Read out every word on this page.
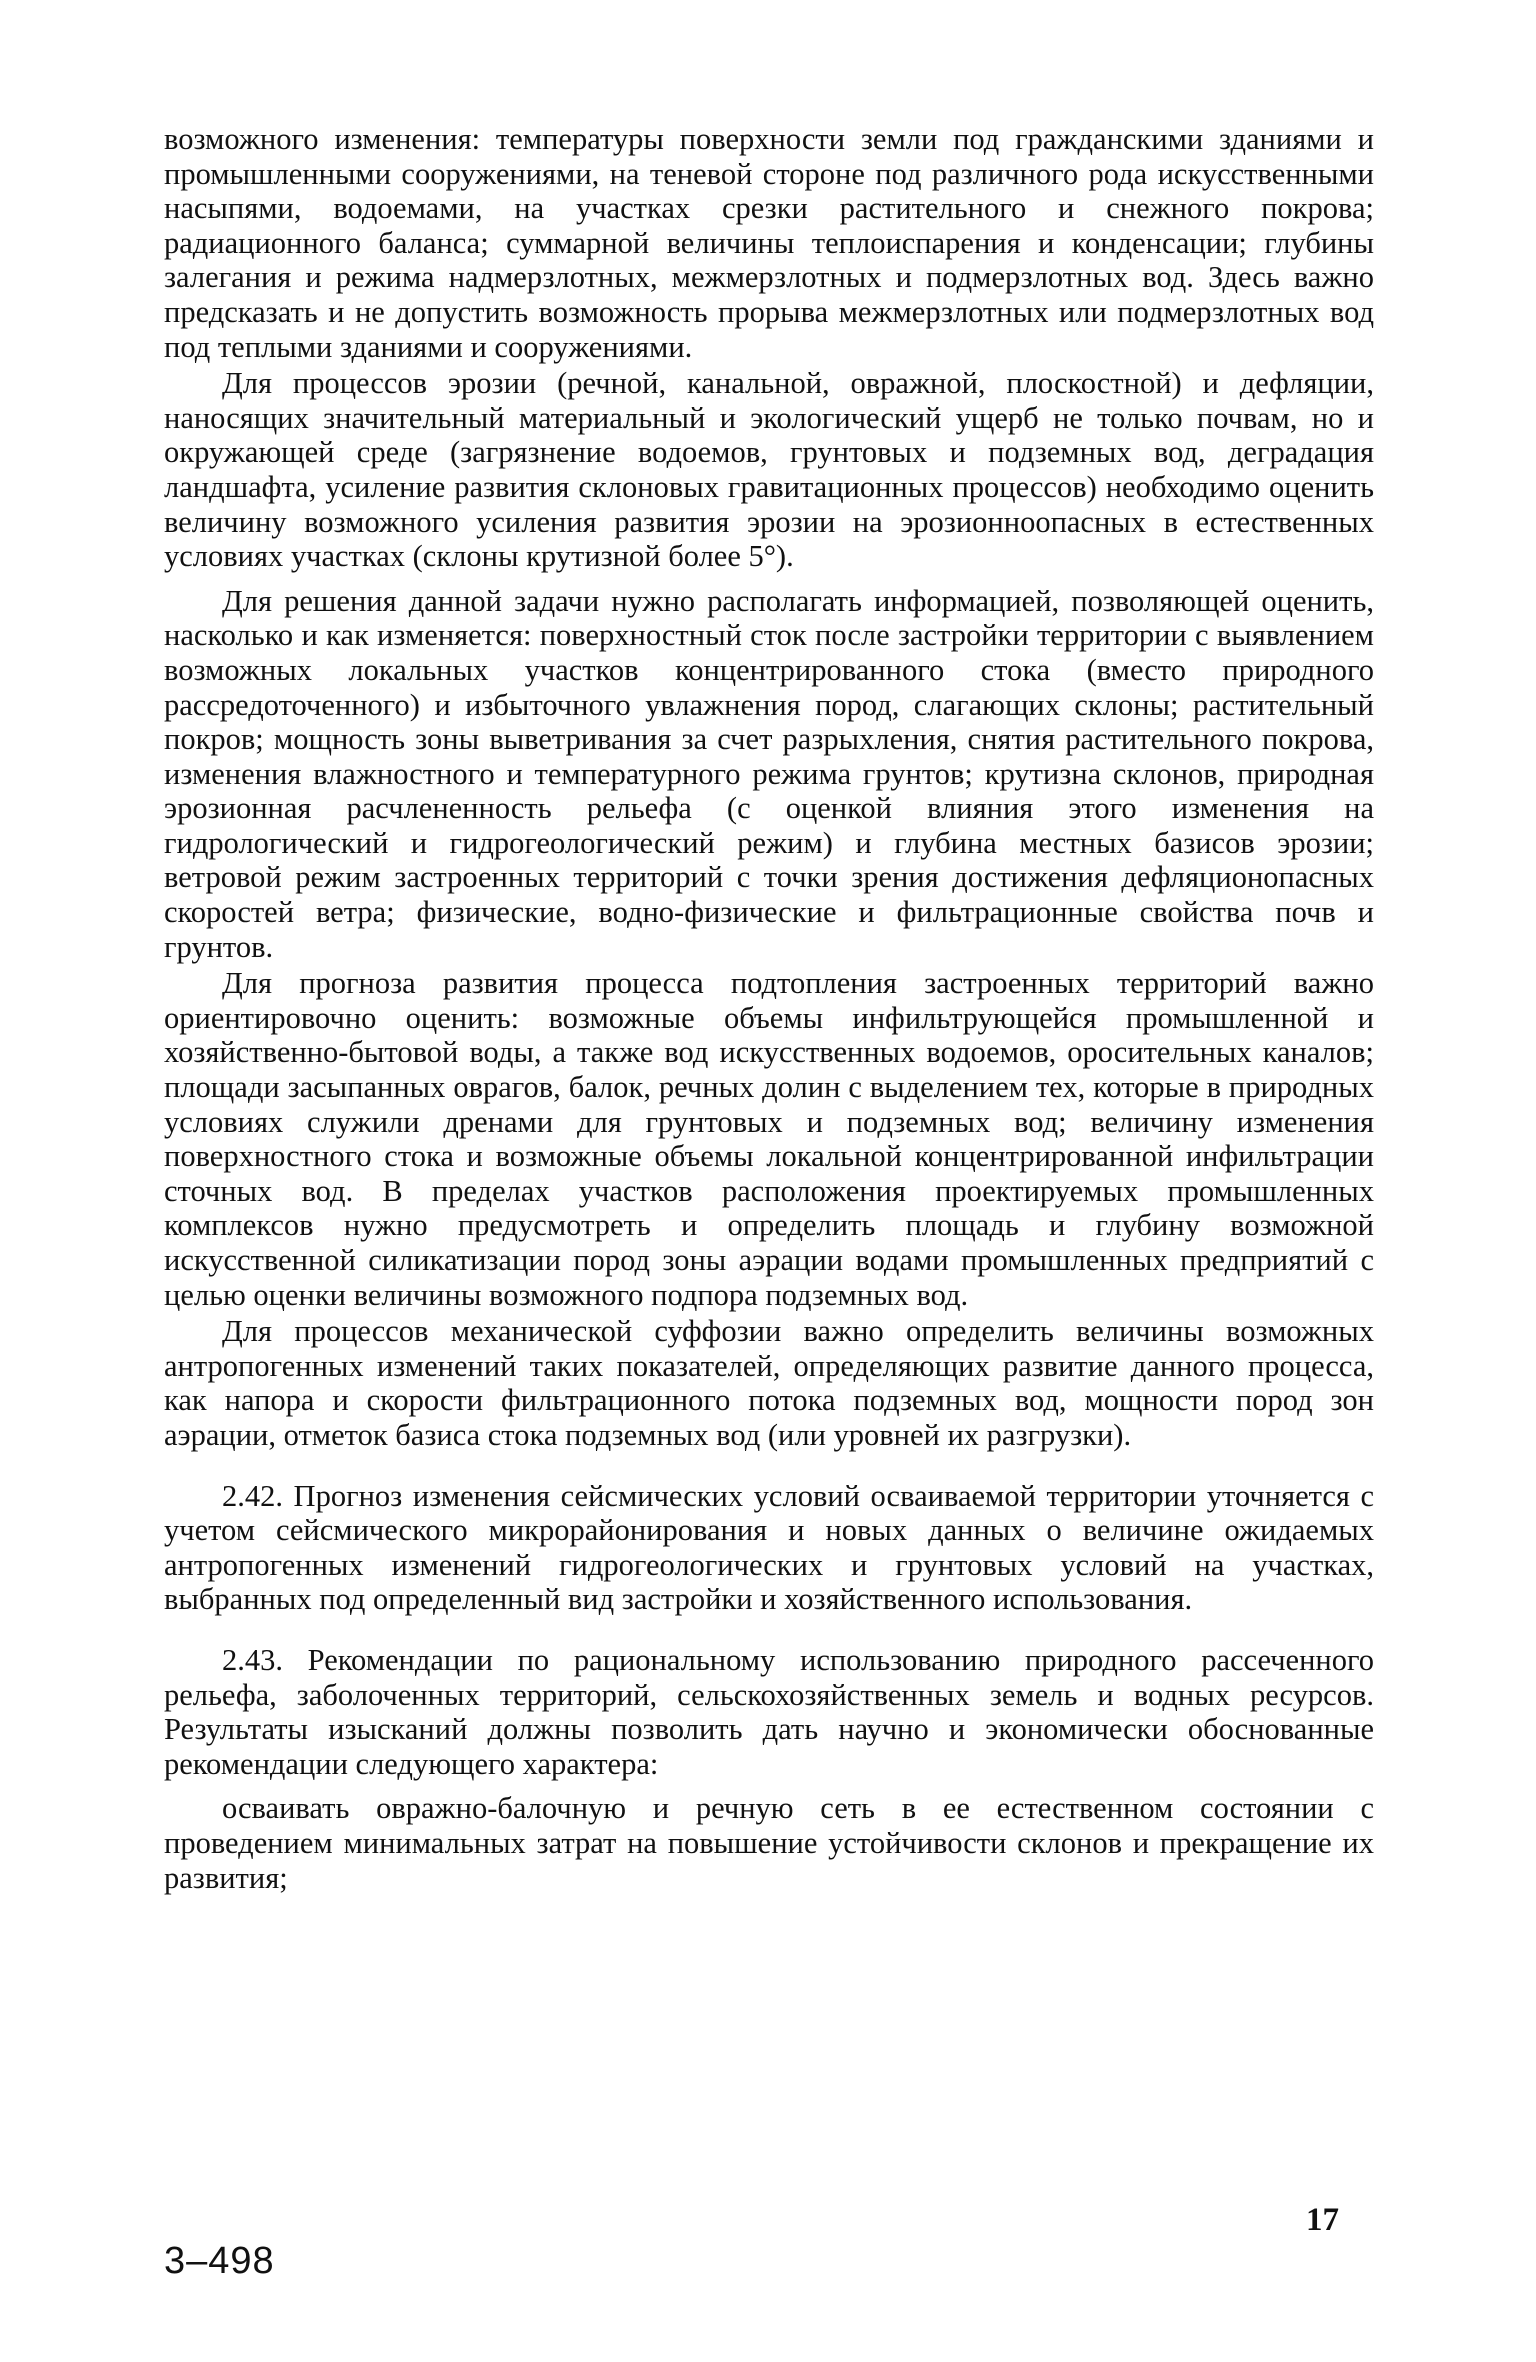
возможного изменения: температуры поверхности земли под гражданскими зданиями и промышленными сооружениями, на теневой стороне под различного рода искусственными насыпями, водоемами, на участках срезки растительного и снежного покрова; радиационного баланса; суммарной величины теплоиспарения и конденсации; глубины залегания и режима надмерзлотных, межмерзлотных и подмерзлотных вод. Здесь важно предсказать и не допустить возможность прорыва межмерзлотных или подмерзлотных вод под теплыми зданиями и сооружениями.

Для процессов эрозии (речной, канальной, овражной, плоскостной) и дефляции, наносящих значительный материальный и экологический ущерб не только почвам, но и окружающей среде (загрязнение водоемов, грунтовых и подземных вод, деградация ландшафта, усиление развития склоновых гравитационных процессов) необходимо оценить величину возможного усиления развития эрозии на эрозионноопасных в естественных условиях участках (склоны крутизной более 5°).

Для решения данной задачи нужно располагать информацией, позволяющей оценить, насколько и как изменяется: поверхностный сток после застройки территории с выявлением возможных локальных участков концентрированного стока (вместо природного рассредоточенного) и избыточного увлажнения пород, слагающих склоны; растительный покров; мощность зоны выветривания за счет разрыхления, снятия растительного покрова, изменения влажностного и температурного режима грунтов; крутизна склонов, природная эрозионная расчлененность рельефа (с оценкой влияния этого изменения на гидрологический и гидрогеологический режим) и глубина местных базисов эрозии; ветровой режим застроенных территорий с точки зрения достижения дефляционопасных скоростей ветра; физические, водно-физические и фильтрационные свойства почв и грунтов.

Для прогноза развития процесса подтопления застроенных территорий важно ориентировочно оценить: возможные объемы инфильтрующейся промышленной и хозяйственно-бытовой воды, а также вод искусственных водоемов, оросительных каналов; площади засыпанных оврагов, балок, речных долин с выделением тех, которые в природных условиях служили дренами для грунтовых и подземных вод; величину изменения поверхностного стока и возможные объемы локальной концентрированной инфильтрации сточных вод. В пределах участков расположения проектируемых промышленных комплексов нужно предусмотреть и определить площадь и глубину возможной искусственной силикатизации пород зоны аэрации водами промышленных предприятий с целью оценки величины возможного подпора подземных вод.

Для процессов механической суффозии важно определить величины возможных антропогенных изменений таких показателей, определяющих развитие данного процесса, как напора и скорости фильтрационного потока подземных вод, мощности пород зон аэрации, отметок базиса стока подземных вод (или уровней их разгрузки).

2.42. Прогноз изменения сейсмических условий осваиваемой территории уточняется с учетом сейсмического микрорайонирования и новых данных о величине ожидаемых антропогенных изменений гидрогеологических и грунтовых условий на участках, выбранных под определенный вид застройки и хозяйственного использования.

2.43. Рекомендации по рациональному использованию природного рассеченного рельефа, заболоченных территорий, сельскохозяйственных земель и водных ресурсов. Результаты изысканий должны позволить дать научно и экономически обоснованные рекомендации следующего характера:

осваивать овражно-балочную и речную сеть в ее естественном состоянии с проведением минимальных затрат на повышение устойчивости склонов и прекращение их развития;

17
3–498
